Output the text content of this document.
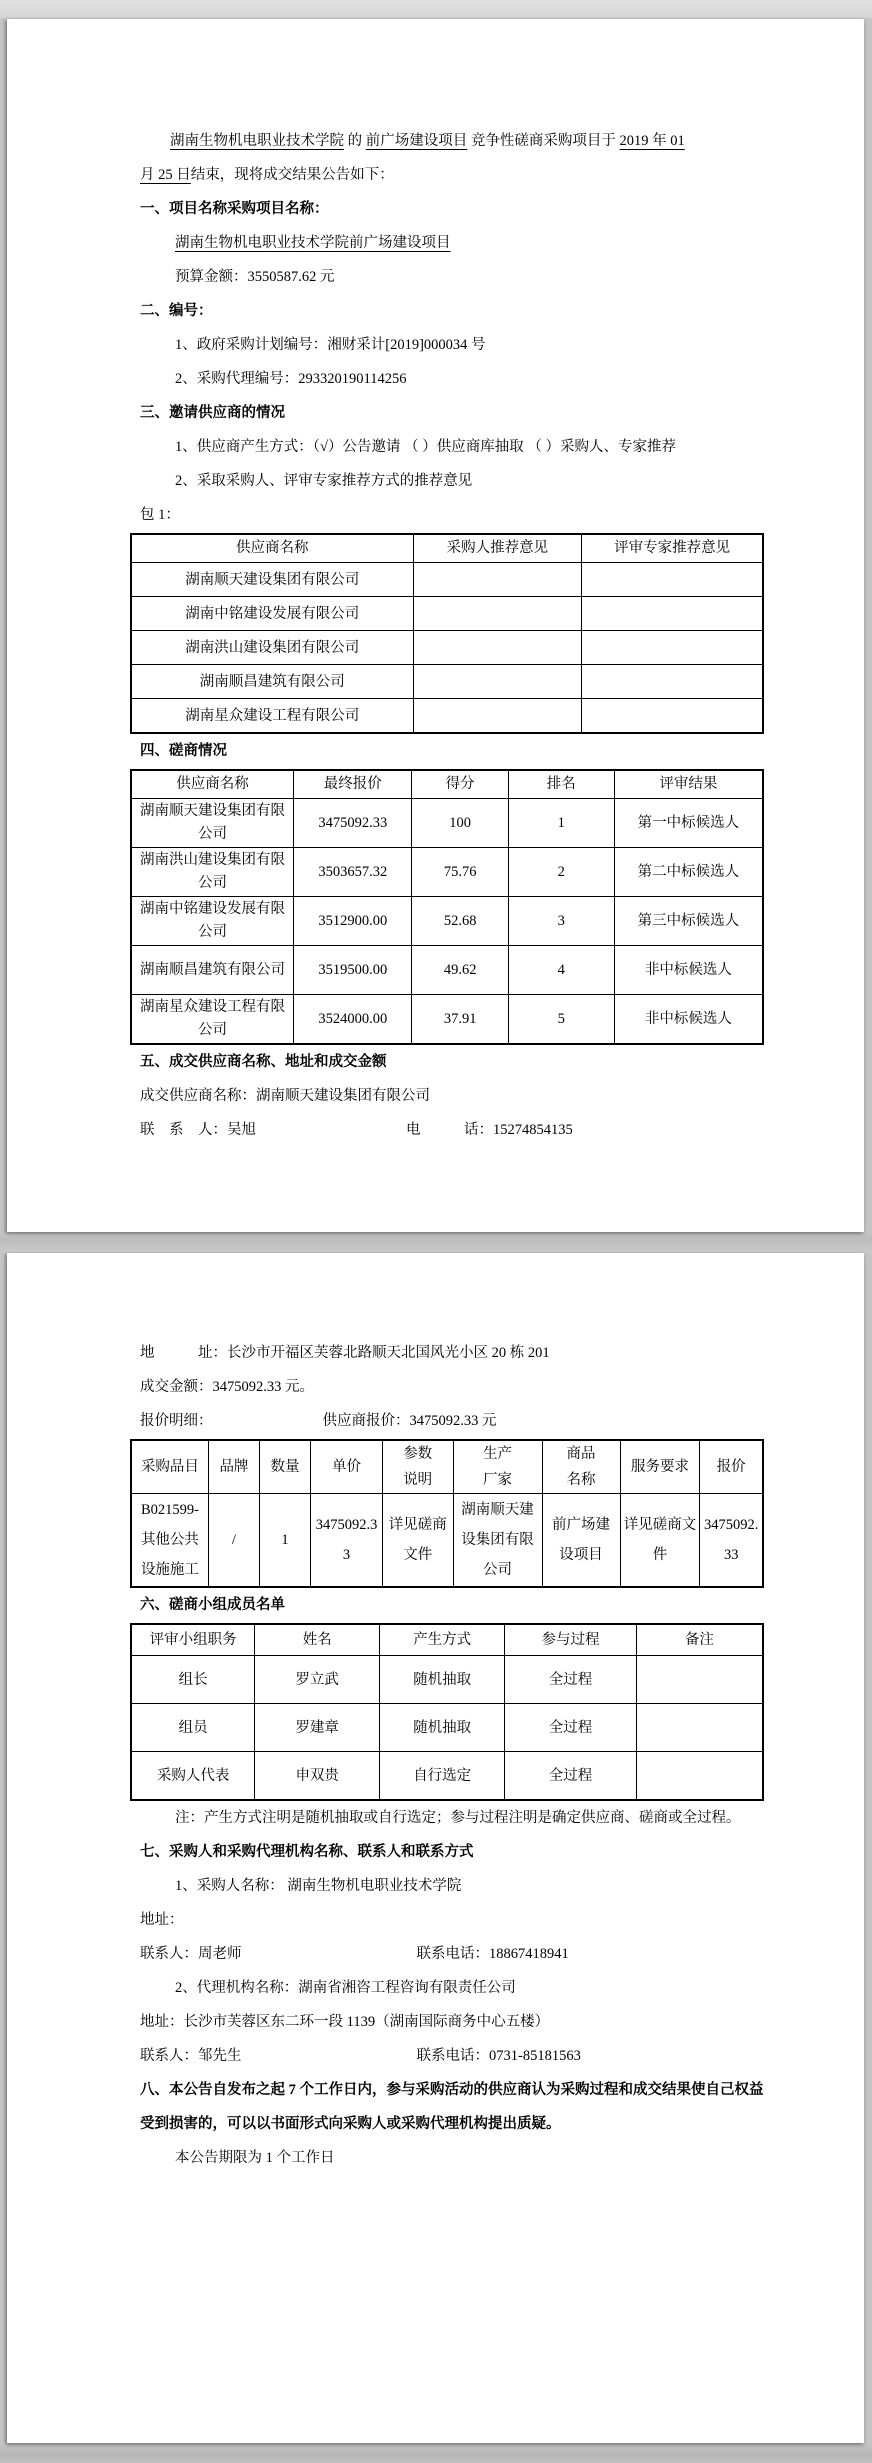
湖南生物机电职业技术学院 的 前广场建设项目 竞争性磋商采购项目于 2019 年 01
月 25 日结束，现将成交结果公告如下：

一、项目名称采购项目名称：

湖南生物机电职业技术学院前广场建设项目

预算金额：3550587.62 元

二、编号：

1、政府采购计划编号：湘财采计[2019]000034 号

2、采购代理编号：293320190114256

三、邀请供应商的情况

1、供应商产生方式：（√）公告邀请 （ ）供应商库抽取 （ ）采购人、专家推荐

2、采取采购人、评审专家推荐方式的推荐意见

包 1：

供应商名称	采购人推荐意见	评审专家推荐意见
湖南顺天建设集团有限公司		
湖南中铭建设发展有限公司		
湖南洪山建设集团有限公司		
湖南顺昌建筑有限公司		
湖南星众建设工程有限公司		
四、磋商情况
供应商名称	最终报价	得分	排名	评审结果
湖南顺天建设集团有限公司	3475092.33	100	1	第一中标候选人
湖南洪山建设集团有限公司	3503657.32	75.76	2	第二中标候选人
湖南中铭建设发展有限公司	3512900.00	52.68	3	第三中标候选人
湖南顺昌建筑有限公司	3519500.00	49.62	4	非中标候选人
湖南星众建设工程有限公司	3524000.00	37.91	5	非中标候选人
五、成交供应商名称、地址和成交金额

成交供应商名称：湖南顺天建设集团有限公司

联　系　人：吴旭	电　　　话：15274854135

地　　　址：长沙市开福区芙蓉北路顺天北国风光小区 20 栋 201

成交金额：3475092.33 元。

报价明细：	供应商报价：3475092.33 元

采购品目	品牌	数量	单价	参数说明	生产厂家	商品名称	服务要求	报价
B021599-其他公共设施施工	/	1	3475092.33	详见磋商文件	湖南顺天建设集团有限公司	前广场建设项目	详见磋商文件	3475092.33
六、磋商小组成员名单
评审小组职务	姓名	产生方式	参与过程	备注
组长	罗立武	随机抽取	全过程	
组员	罗建章	随机抽取	全过程	
采购人代表	申双贵	自行选定	全过程	

注：产生方式注明是随机抽取或自行选定；参与过程注明是确定供应商、磋商或全过程。

七、采购人和采购代理机构名称、联系人和联系方式

1、采购人名称： 湖南生物机电职业技术学院

地址：

联系人：周老师	联系电话：18867418941

2、代理机构名称：湖南省湘咨工程咨询有限责任公司

地址：长沙市芙蓉区东二环一段 1139（湖南国际商务中心五楼）

联系人：邹先生	联系电话：0731-85181563

八、本公告自发布之起 7 个工作日内，参与采购活动的供应商认为采购过程和成交结果使自己权益受到损害的，可以以书面形式向采购人或采购代理机构提出质疑。

本公告期限为 1 个工作日
